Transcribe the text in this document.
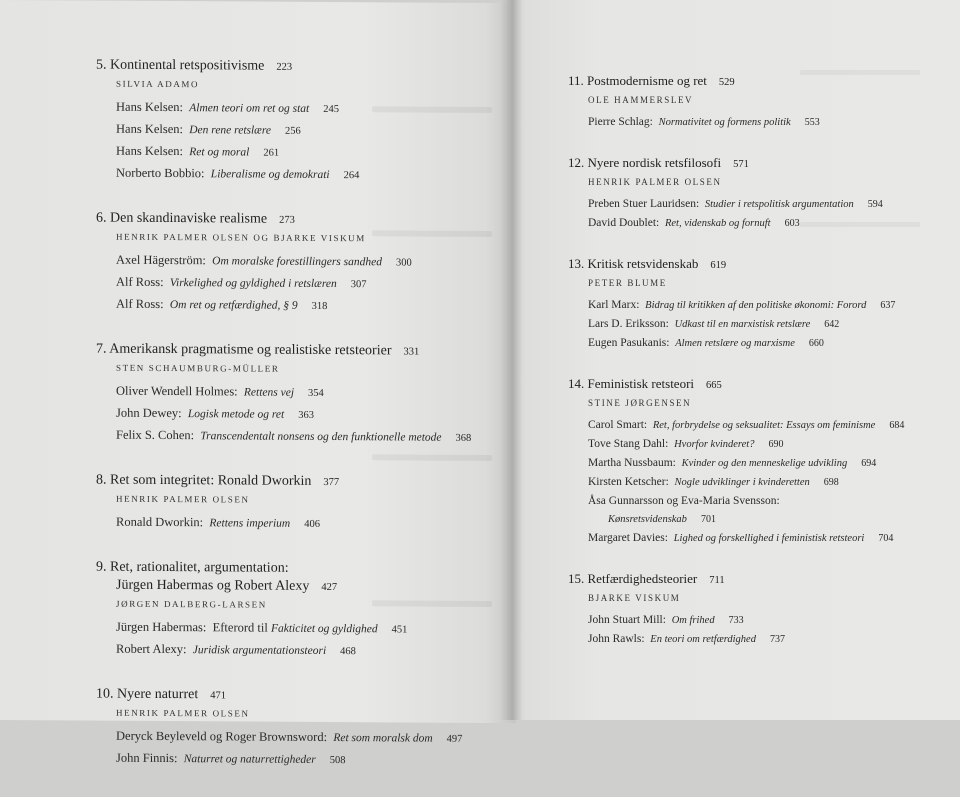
5. Kontinental retspositivisme 223
SILVIA ADAMO
Hans Kelsen: Almen teori om ret og stat 245
Hans Kelsen: Den rene retslære 256
Hans Kelsen: Ret og moral 261
Norberto Bobbio: Liberalisme og demokrati 264
6. Den skandinaviske realisme 273
HENRIK PALMER OLSEN OG BJARKE VISKUM
Axel Hägerström: Om moralske forestillingers sandhed 300
Alf Ross: Virkelighed og gyldighed i retslæren 307
Alf Ross: Om ret og retfærdighed, § 9 318
7. Amerikansk pragmatisme og realistiske retsteorier 331
STEN SCHAUMBURG-MÜLLER
Oliver Wendell Holmes: Rettens vej 354
John Dewey: Logisk metode og ret 363
Felix S. Cohen: Transcendentalt nonsens og den funktionelle metode 368
8. Ret som integritet: Ronald Dworkin 377
HENRIK PALMER OLSEN
Ronald Dworkin: Rettens imperium 406
9. Ret, rationalitet, argumentation:
Jürgen Habermas og Robert Alexy 427
JØRGEN DALBERG-LARSEN
Jürgen Habermas: Efterord til Fakticitet og gyldighed 451
Robert Alexy: Juridisk argumentationsteori 468
10. Nyere naturret 471
HENRIK PALMER OLSEN
Deryck Beyleveld og Roger Brownsword: Ret som moralsk dom 497
John Finnis: Naturret og naturrettigheder 508
11. Postmodernisme og ret 529
OLE HAMMERSLEV
Pierre Schlag: Normativitet og formens politik 553
12. Nyere nordisk retsfilosofi 571
HENRIK PALMER OLSEN
Preben Stuer Lauridsen: Studier i retspolitisk argumentation 594
David Doublet: Ret, videnskab og fornuft 603
13. Kritisk retsvidenskab 619
PETER BLUME
Karl Marx: Bidrag til kritikken af den politiske økonomi: Forord 637
Lars D. Eriksson: Udkast til en marxistisk retslære 642
Eugen Pasukanis: Almen retslære og marxisme 660
14. Feministisk retsteori 665
STINE JØRGENSEN
Carol Smart: Ret, forbrydelse og seksualitet: Essays om feminisme 684
Tove Stang Dahl: Hvorfor kvinderet? 690
Martha Nussbaum: Kvinder og den menneskelige udvikling 694
Kirsten Ketscher: Nogle udviklinger i kvinderetten 698
Åsa Gunnarsson og Eva-Maria Svensson:
Kønsretsvidenskab 701
Margaret Davies: Lighed og forskellighed i feministisk retsteori 704
15. Retfærdighedsteorier 711
BJARKE VISKUM
John Stuart Mill: Om frihed 733
John Rawls: En teori om retfærdighed 737
